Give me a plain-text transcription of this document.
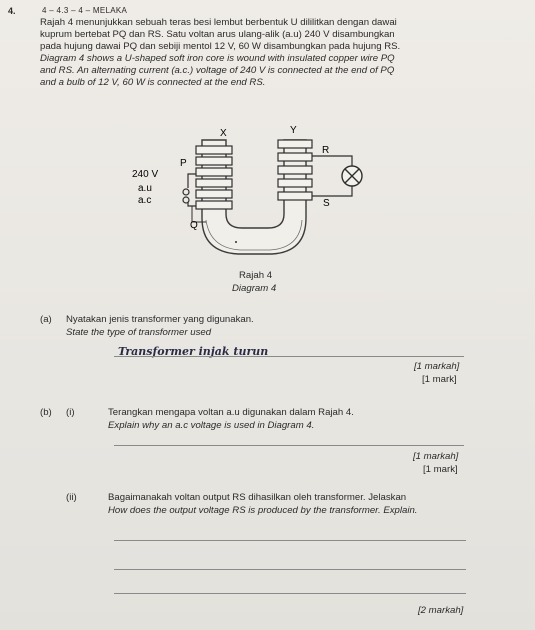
4.	4 – 4.3 – 4 – MELAKA
Rajah 4 menunjukkan sebuah teras besi lembut berbentuk U dililitkan dengan dawai
kuprum bertebat PQ dan RS. Satu voltan arus ulang-alik (a.u) 240 V disambungkan
pada hujung dawai PQ dan sebiji mentol 12 V, 60 W disambungkan pada hujung RS.
Diagram 4 shows a U-shaped soft iron core is wound with insulated copper wire PQ
and RS. An alternating current (a.c.) voltage of 240 V is connected at the end of PQ
and a bulb of 12 V, 60 W is connected at the end RS.
X	Y
P
Q
R
S
240 V
a.u
a.c
Rajah 4
Diagram 4
(a) Nyatakan jenis transformer yang digunakan.
State the type of transformer used
Transformer injak turun
[1 markah]
[1 mark]
(b) (i)	Terangkan mengapa voltan a.u digunakan dalam Rajah 4.
Explain why an a.c voltage is used in Diagram 4.
[1 markah]
[1 mark]
(ii)	Bagaimanakah voltan output RS dihasilkan oleh transformer. Jelaskan
How does the output voltage RS is produced by the transformer. Explain.
[2 markah]
